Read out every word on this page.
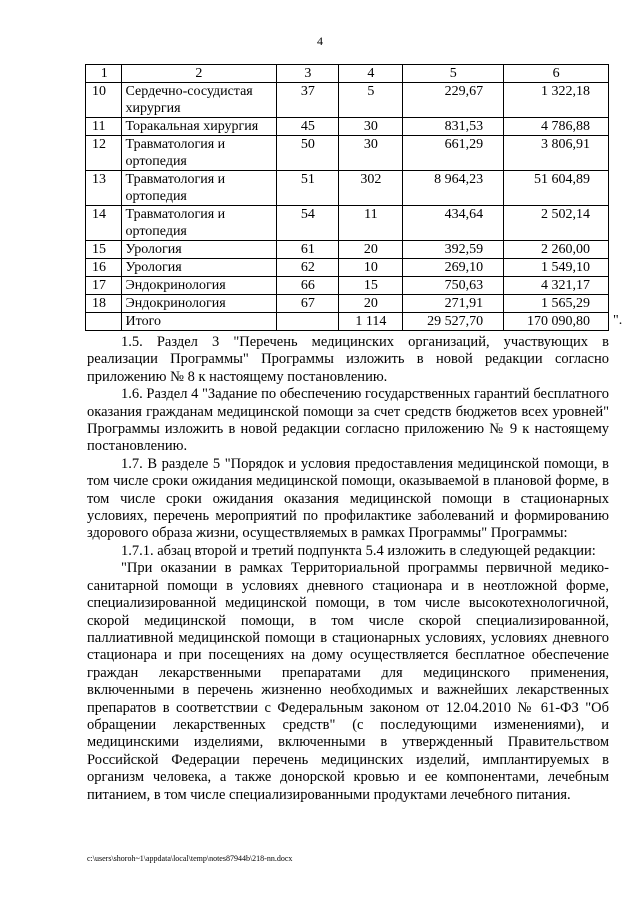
4
1	2	3	4	5	6
10	Сердечно-сосудистая хирургия	37	5	229,67	1 322,18
11	Торакальная хирургия	45	30	831,53	4 786,88
12	Травматология и ортопедия	50	30	661,29	3 806,91
13	Травматология и ортопедия	51	302	8 964,23	51 604,89
14	Травматология и ортопедия	54	11	434,64	2 502,14
15	Урология	61	20	392,59	2 260,00
16	Урология	62	10	269,10	1 549,10
17	Эндокринология	66	15	750,63	4 321,17
18	Эндокринология	67	20	271,91	1 565,29
	Итого		1 114	29 527,70	170 090,80 ".

1.5. Раздел 3 "Перечень медицинских организаций, участвующих в реализации Программы" Программы изложить в новой редакции согласно приложению № 8 к настоящему постановлению.

1.6. Раздел 4 "Задание по обеспечению государственных гарантий бесплатного оказания гражданам медицинской помощи за счет средств бюджетов всех уровней" Программы изложить в новой редакции согласно приложению № 9 к настоящему постановлению.

1.7. В разделе 5 "Порядок и условия предоставления медицинской помощи, в том числе сроки ожидания медицинской помощи, оказываемой в плановой форме, в том числе сроки ожидания оказания медицинской помощи в стационарных условиях, перечень мероприятий по профилактике заболеваний и формированию здорового образа жизни, осуществляемых в рамках Программы" Программы:

1.7.1. абзац второй и третий подпункта 5.4 изложить в следующей редакции:

"При оказании в рамках Территориальной программы первичной медико-санитарной помощи в условиях дневного стационара и в неотложной форме, специализированной медицинской помощи, в том числе высокотехнологичной, скорой медицинской помощи, в том числе скорой специализированной, паллиативной медицинской помощи в стационарных условиях, условиях дневного стационара и при посещениях на дому осуществляется бесплатное обеспечение граждан лекарственными препаратами для медицинского применения, включенными в перечень жизненно необходимых и важнейших лекарственных препаратов в соответствии с Федеральным законом от 12.04.2010 № 61-ФЗ "Об обращении лекарственных средств" (с последующими изменениями), и медицинскими изделиями, включенными в утвержденный Правительством Российской Федерации перечень медицинских изделий, имплантируемых в организм человека, а также донорской кровью и ее компонентами, лечебным питанием, в том числе специализированными продуктами лечебного питания.

c:\users\shoroh~1\appdata\local\temp\notes87944b\218-nn.docx
